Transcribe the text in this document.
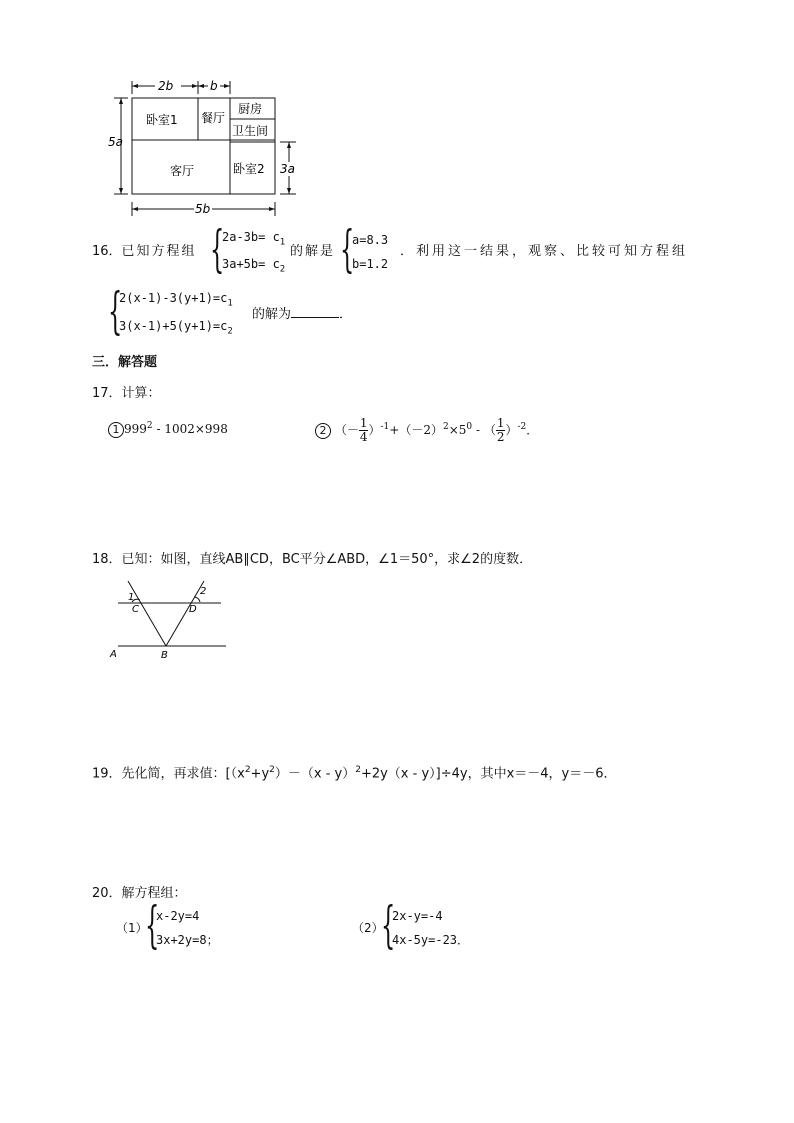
2b	b
5a
3a
5b
卧室1 餐厅
厨房
卫生间
客厅	卧室2
16．已知方程组 {
$2a-3b= c_1$
$3a+5b= c_2$
的解是 {
a=8.3
b=1.2
．利用这一结果，观察、比较可知方程组
{
$2(x-1)-3(y+1)=c_1$
$3(x-1)+5(y+1)=c_2$
的解为	．
三．解答题
17．计算：
1 $999^2 - 1002\times 998$	2 （－ $\frac{1}{4} )^{-1}+(-2)^2\times 5^0$ - （ $\frac{1}{2} )^{-2}$．
18．已知：如图，直线AB∥CD，BC平分∠ABD，∠1＝50°，求∠2的度数．
1
2
C	D
A	B
19．先化简，再求值：$[(x^2+y^2)-(x - y)^2+2y(x - y)]\div 4y$，其中x＝－4，y＝－6．
20．解方程组：
（1）
{
x-2y=4
3x+2y=8；
（2）
{
2x-y=-4
4x-5y=-23．
